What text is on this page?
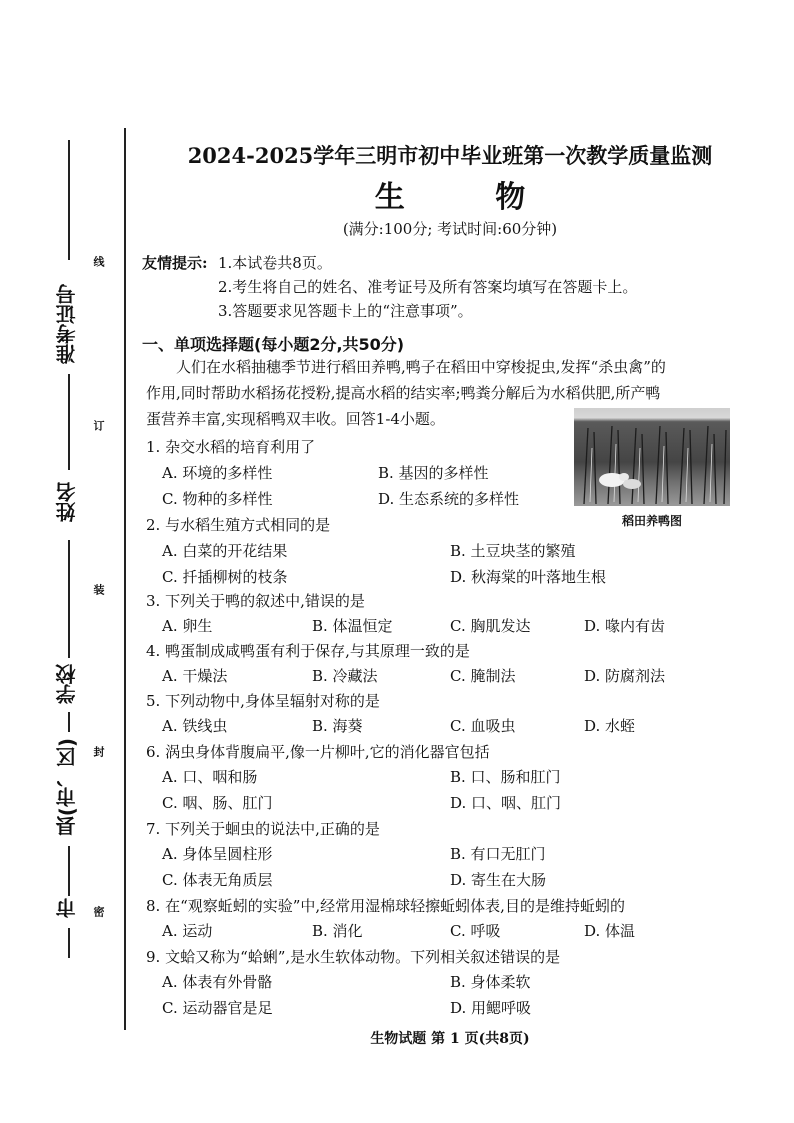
准考证号
姓名
学校
县(市、区)
市
线
订
装
封
密
2024-2025学年三明市初中毕业班第一次教学质量监测
生 物
(满分:100分; 考试时间:60分钟)
友情提示: 1.本试卷共8页。
2.考生将自己的姓名、准考证号及所有答案均填写在答题卡上。
3.答题要求见答题卡上的“注意事项”。
一、单项选择题(每小题2分,共50分)
人们在水稻抽穗季节进行稻田养鸭,鸭子在稻田中穿梭捉虫,发挥“杀虫禽”的
作用,同时帮助水稻扬花授粉,提高水稻的结实率;鸭粪分解后为水稻供肥,所产鸭
蛋营养丰富,实现稻鸭双丰收。回答1-4小题。
稻田养鸭图
1. 杂交水稻的培育利用了
A. 环境的多样性	B. 基因的多样性
C. 物种的多样性	D. 生态系统的多样性
2. 与水稻生殖方式相同的是
A. 白菜的开花结果	B. 土豆块茎的繁殖
C. 扦插柳树的枝条	D. 秋海棠的叶落地生根
3. 下列关于鸭的叙述中,错误的是
A. 卵生	B. 体温恒定	C. 胸肌发达	D. 喙内有齿
4. 鸭蛋制成咸鸭蛋有利于保存,与其原理一致的是
A. 干燥法	B. 冷藏法	C. 腌制法	D. 防腐剂法
5. 下列动物中,身体呈辐射对称的是
A. 铁线虫	B. 海葵	C. 血吸虫	D. 水蛭
6. 涡虫身体背腹扁平,像一片柳叶,它的消化器官包括
A. 口、咽和肠	B. 口、肠和肛门
C. 咽、肠、肛门	D. 口、咽、肛门
7. 下列关于蛔虫的说法中,正确的是
A. 身体呈圆柱形	B. 有口无肛门
C. 体表无角质层	D. 寄生在大肠
8. 在“观察蚯蚓的实验”中,经常用湿棉球轻擦蚯蚓体表,目的是维持蚯蚓的
A. 运动	B. 消化	C. 呼吸	D. 体温
9. 文蛤又称为“蛤蜊”,是水生软体动物。下列相关叙述错误的是
A. 体表有外骨骼	B. 身体柔软
C. 运动器官是足	D. 用鳃呼吸
生物试题 第 1 页(共8页)
